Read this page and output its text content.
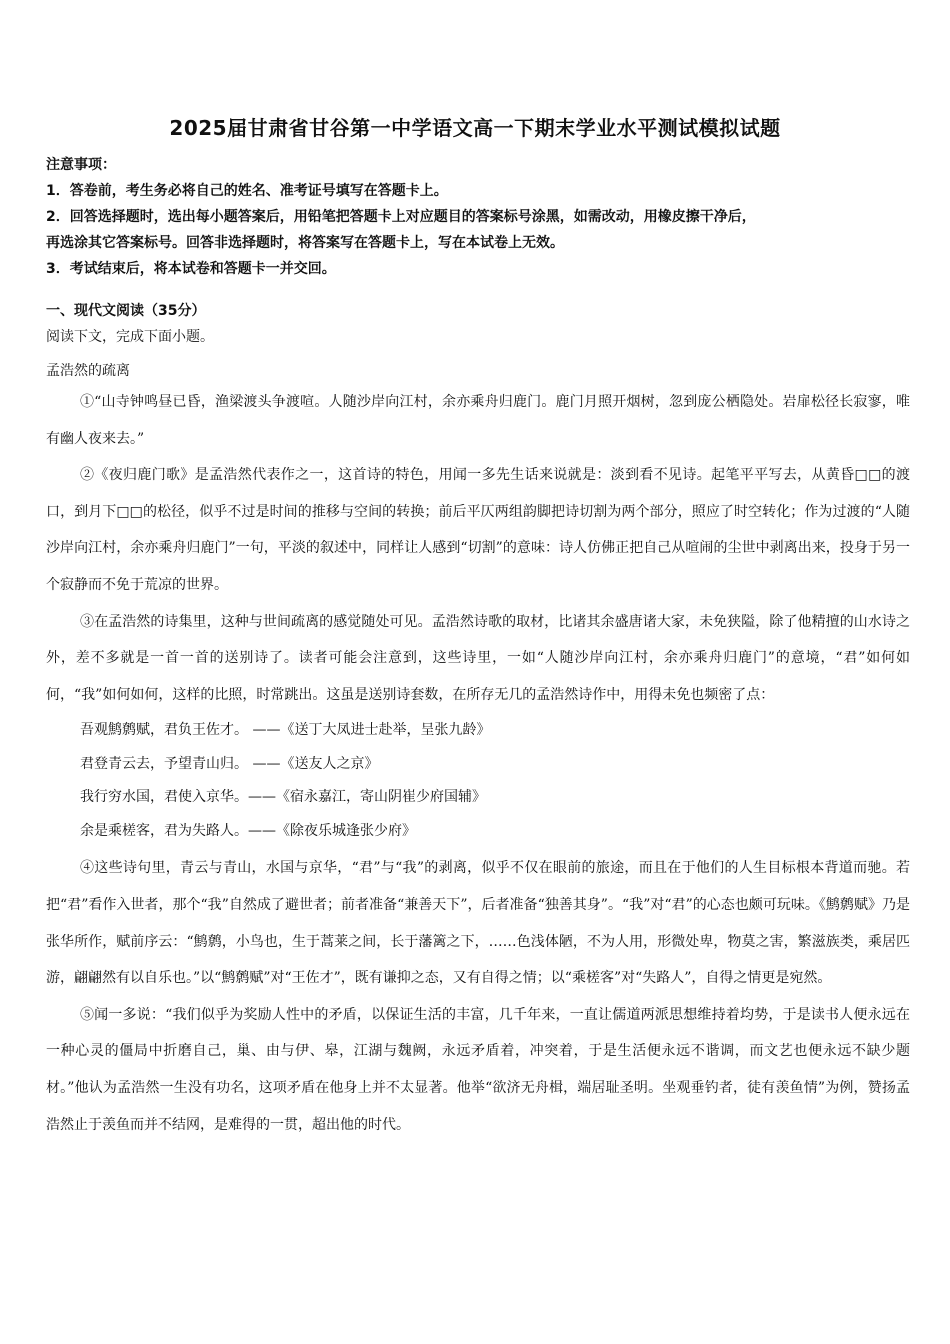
2025届甘肃省甘谷第一中学语文高一下期末学业水平测试模拟试题
注意事项：
1．答卷前，考生务必将自己的姓名、准考证号填写在答题卡上。
2．回答选择题时，选出每小题答案后，用铅笔把答题卡上对应题目的答案标号涂黑，如需改动，用橡皮擦干净后，
再选涂其它答案标号。回答非选择题时，将答案写在答题卡上，写在本试卷上无效。
3．考试结束后，将本试卷和答题卡一并交回。
一、现代文阅读（35分）
阅读下文，完成下面小题。
孟浩然的疏离

①“山寺钟鸣昼已昏，渔梁渡头争渡喧。人随沙岸向江村，余亦乘舟归鹿门。鹿门月照开烟树，忽到庞公栖隐处。岩扉松径长寂寥，唯有幽人夜来去。”

②《夜归鹿门歌》是孟浩然代表作之一，这首诗的特色，用闻一多先生话来说就是：淡到看不见诗。起笔平平写去，从黄昏□□的渡口，到月下□□的松径，似乎不过是时间的推移与空间的转换；前后平仄两组韵脚把诗切割为两个部分，照应了时空转化；作为过渡的“人随沙岸向江村，余亦乘舟归鹿门”一句，平淡的叙述中，同样让人感到“切割”的意味：诗人仿佛正把自己从喧闹的尘世中剥离出来，投身于另一个寂静而不免于荒凉的世界。

③在孟浩然的诗集里，这种与世间疏离的感觉随处可见。孟浩然诗歌的取材，比诸其余盛唐诸大家，未免狭隘，除了他精擅的山水诗之外，差不多就是一首一首的送别诗了。读者可能会注意到，这些诗里，一如“人随沙岸向江村，余亦乘舟归鹿门”的意境，“君”如何如何，“我”如何如何，这样的比照，时常跳出。这虽是送别诗套数，在所存无几的孟浩然诗作中，用得未免也频密了点：

吾观鹪鹩赋，君负王佐才。 ——《送丁大凤进士赴举，呈张九龄》

君登青云去，予望青山归。 ——《送友人之京》

我行穷水国，君使入京华。——《宿永嘉江，寄山阴崔少府国辅》

余是乘槎客，君为失路人。——《除夜乐城逢张少府》

④这些诗句里，青云与青山，水国与京华，“君”与“我”的剥离，似乎不仅在眼前的旅途，而且在于他们的人生目标根本背道而驰。若把“君”看作入世者，那个“我”自然成了避世者；前者准备“兼善天下”，后者准备“独善其身”。“我”对“君”的心态也颇可玩味。《鹪鹩赋》乃是张华所作，赋前序云：“鹪鹩，小鸟也，生于蒿莱之间，长于藩篱之下，……色浅体陋，不为人用，形微处卑，物莫之害，繁滋族类，乘居匹游，翩翩然有以自乐也。”以“鹪鹩赋”对“王佐才”，既有谦抑之态，又有自得之情；以“乘槎客”对“失路人”，自得之情更是宛然。

⑤闻一多说：“我们似乎为奖励人性中的矛盾，以保证生活的丰富，几千年来，一直让儒道两派思想维持着均势，于是读书人便永远在一种心灵的僵局中折磨自己，巢、由与伊、皋，江湖与魏阙，永远矛盾着，冲突着，于是生活便永远不谐调，而文艺也便永远不缺少题材。”他认为孟浩然一生没有功名，这项矛盾在他身上并不太显著。他举“欲济无舟楫，端居耻圣明。坐观垂钓者，徒有羡鱼情”为例，赞扬孟浩然止于羡鱼而并不结网，是难得的一贯，超出他的时代。
